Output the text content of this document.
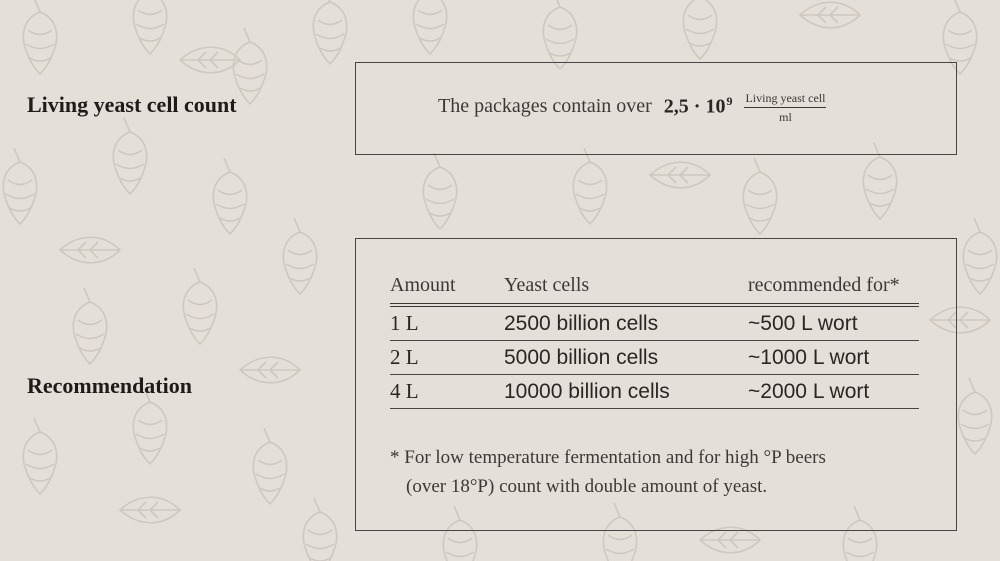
Living yeast cell count	The packages contain over $2,5 \cdot 10^9 \frac{\text{Living yeast cell}}{ml}$
Recommendation
Amount	Yeast cells	recommended for*
1 L	2500 billion cells	~500 L wort
2 L	5000 billion cells	~1000 L wort
4 L	10000 billion cells	~2000 L wort
* For low temperature fermentation and for high °P beers
(over 18°P) count with double amount of yeast.
